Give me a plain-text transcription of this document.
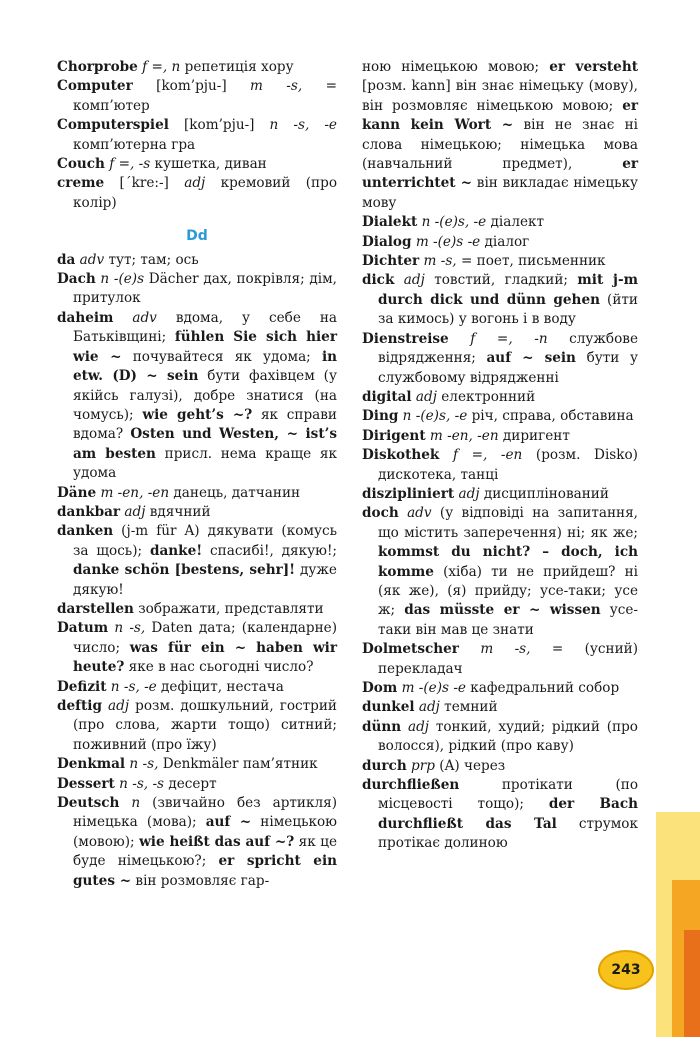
Chorprobe f =, n репетиція хору

Computer [kom’pju-] m -s, = комп’ютер

Computerspiel [kom’pju-] n -s, -e комп’ютерна гра

Couch f =, -s кушетка, диван

creme [´kre:-] adj кремовий (про колір)

Dd

da adv тут; там; ось

Dach n -(e)s Dächer дах, покрівля; дім, притулок

daheim adv вдома, у себе на Батьківщині; fühlen Sie sich hier wie ~ почувайтеся як удома; in etw. (D) ~ sein бути фахівцем (у якійсь галузі), добре знатися (на чомусь); wie geht’s ~? як справи вдома? Osten und Westen, ~ ist’s am besten присл. нема краще як удома

Däne m -en, -en данець, датчанин

dankbar adj вдячний

danken (j-m für A) дякувати (комусь за щось); danke! спасибі!, дякую!; danke schön [bestens, sehr]! дуже дякую!

darstellen зображати, представляти

Datum n -s, Daten дата; (календарне) число; was für ein ~ haben wir heute? яке в нас сьогодні число?

Defizit n -s, -e дефіцит, нестача

deftig adj розм. дошкульний, гострий (про слова, жарти тощо) ситний; поживний (про їжу)

Denkmal n -s, Denkmäler пам’ятник

Dessert n -s, -s десерт

Deutsch n (звичайно без артикля) німецька (мова); auf ~ німецькою (мовою); wie heißt das auf ~? як це буде німецькою?; er spricht ein gutes ~ він розмовляє гар-

ною німецькою мовою; er versteht [розм. kann] він знає німецьку (мову), він розмовляє німецькою мовою; er kann kein Wort ~ він не знає ні слова німецькою; німецька мова (навчальний предмет), er unterrichtet ~ він викладає німецьку мову

Dialekt n -(e)s, -e діалект

Dialog m -(e)s -e діалог

Dichter m -s, = поет, письменник

dick adj товстий, гладкий; mit j-m durch dick und dünn gehen (йти за кимось) у вогонь і в воду

Dienstreise f =, -n службове відрядження; auf ~ sein бути у службовому відрядженні

digital adj електронний

Ding n -(e)s, -e річ, справа, обставина

Dirigent m -en, -en диригент

Diskothek f =, -en (розм. Disko) дискотека, танці

diszipliniert adj дисциплінований

doch adv (у відповіді на запитання, що містить заперечення) ні; як же; kommst du nicht? – doch, ich komme (хіба) ти не прийдеш? ні (як же), (я) прийду; усе-таки; усе ж; das müsste er ~ wissen усе-таки він мав це знати

Dolmetscher m -s, = (усний) перекладач

Dom m -(e)s -e кафедральний собор

dunkel adj темний

dünn adj тонкий, худий; рідкий (про волосся), рідкий (про каву)

durch prp (A) через

durchfließen протікати (по місцевості тощо); der Bach durchfließt das Tal струмок протікає долиною

243
